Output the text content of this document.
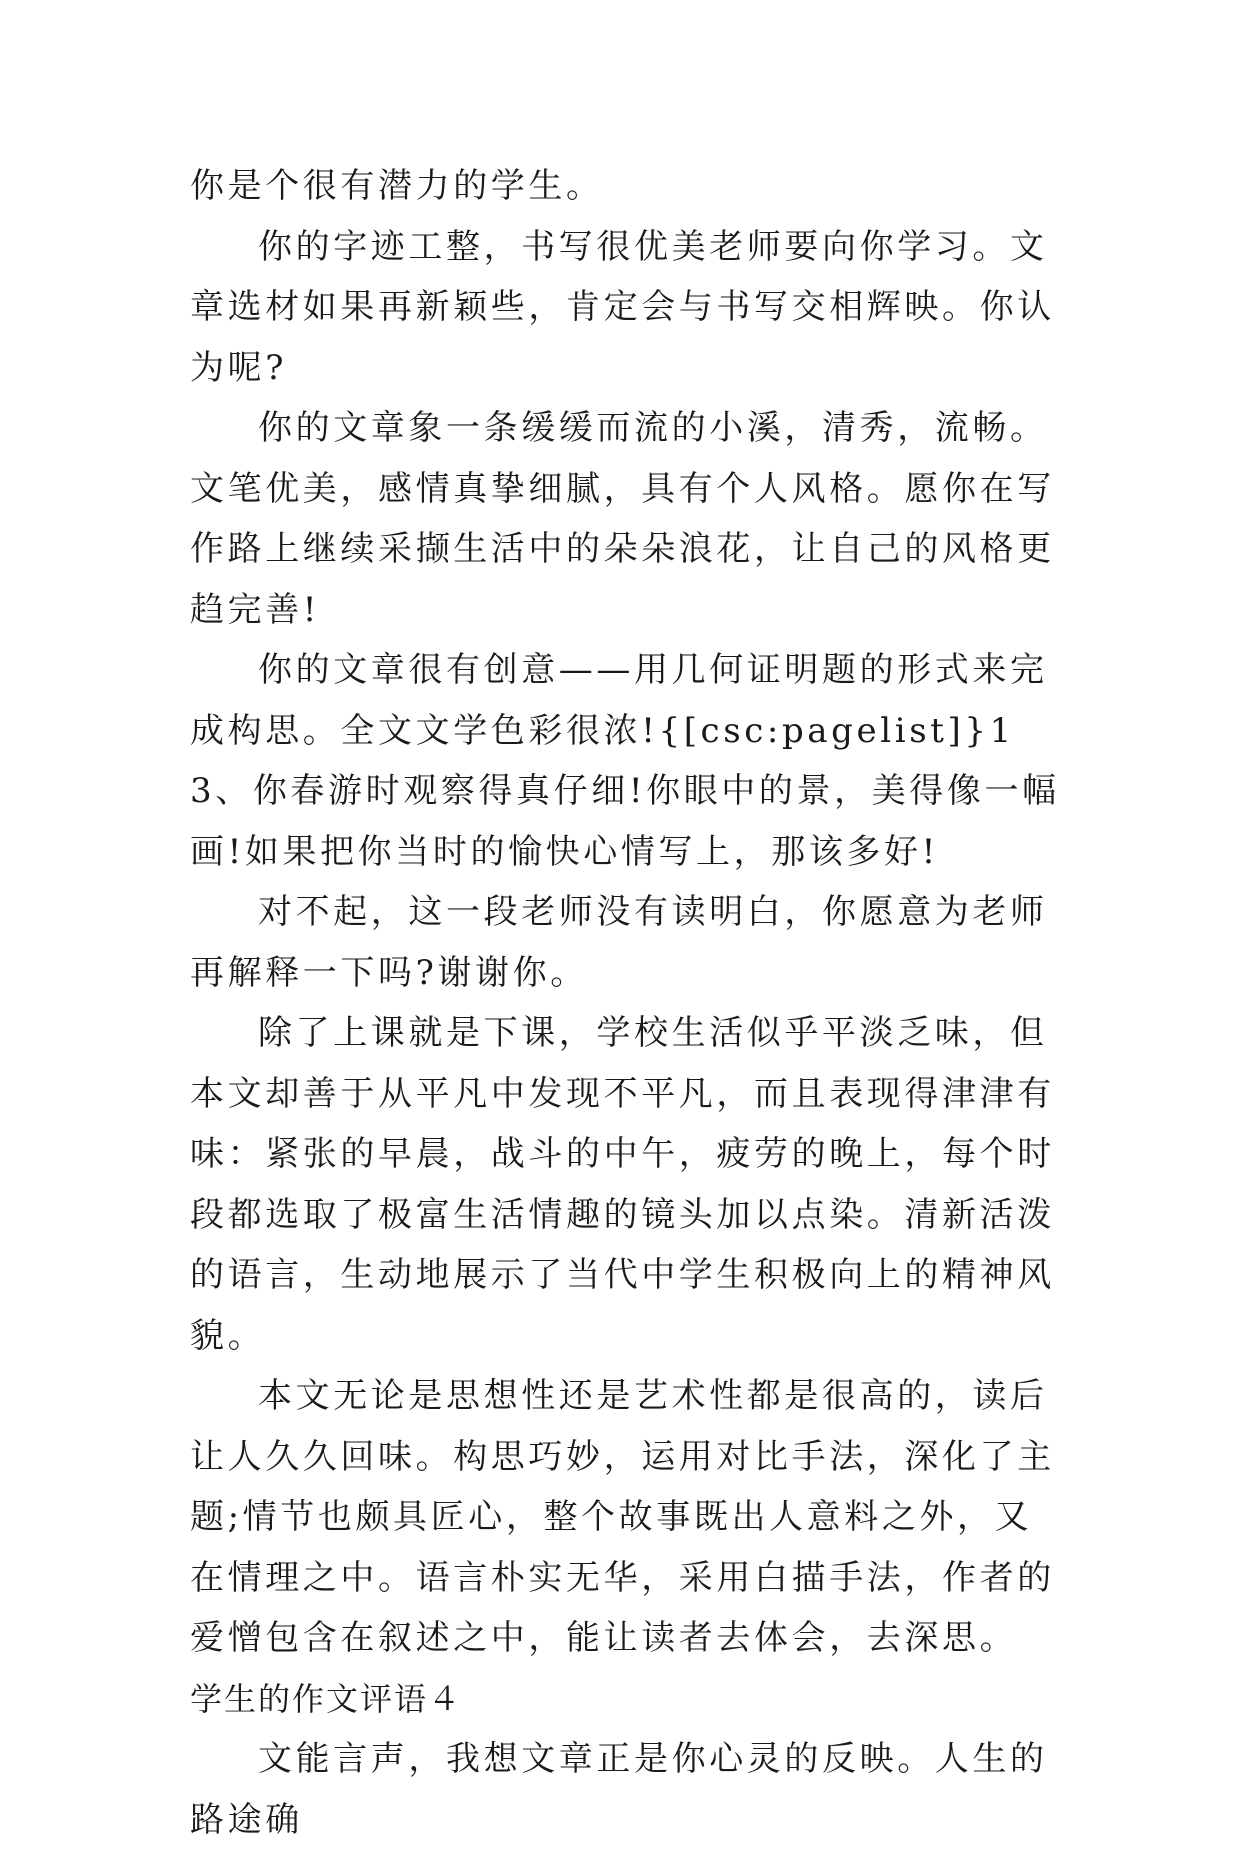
你是个很有潜力的学生。

你的字迹工整，书写很优美老师要向你学习。文章选材如果再新颖些，肯定会与书写交相辉映。你认为呢?

你的文章象一条缓缓而流的小溪，清秀，流畅。文笔优美，感情真挚细腻，具有个人风格。愿你在写作路上继续采撷生活中的朵朵浪花，让自己的风格更趋完善!

你的文章很有创意——用几何证明题的形式来完成构思。全文文学色彩很浓!{[csc:pagelist]}13、你春游时观察得真仔细!你眼中的景，美得像一幅画!如果把你当时的愉快心情写上，那该多好!

对不起，这一段老师没有读明白，你愿意为老师再解释一下吗?谢谢你。

除了上课就是下课，学校生活似乎平淡乏味，但本文却善于从平凡中发现不平凡，而且表现得津津有味：紧张的早晨，战斗的中午，疲劳的晚上，每个时段都选取了极富生活情趣的镜头加以点染。清新活泼的语言，生动地展示了当代中学生积极向上的精神风貌。

本文无论是思想性还是艺术性都是很高的，读后让人久久回味。构思巧妙，运用对比手法，深化了主题;情节也颇具匠心，整个故事既出人意料之外，又在情理之中。语言朴实无华，采用白描手法，作者的爱憎包含在叙述之中，能让读者去体会，去深思。

学生的作文评语４

文能言声，我想文章正是你心灵的反映。人生的路途确
